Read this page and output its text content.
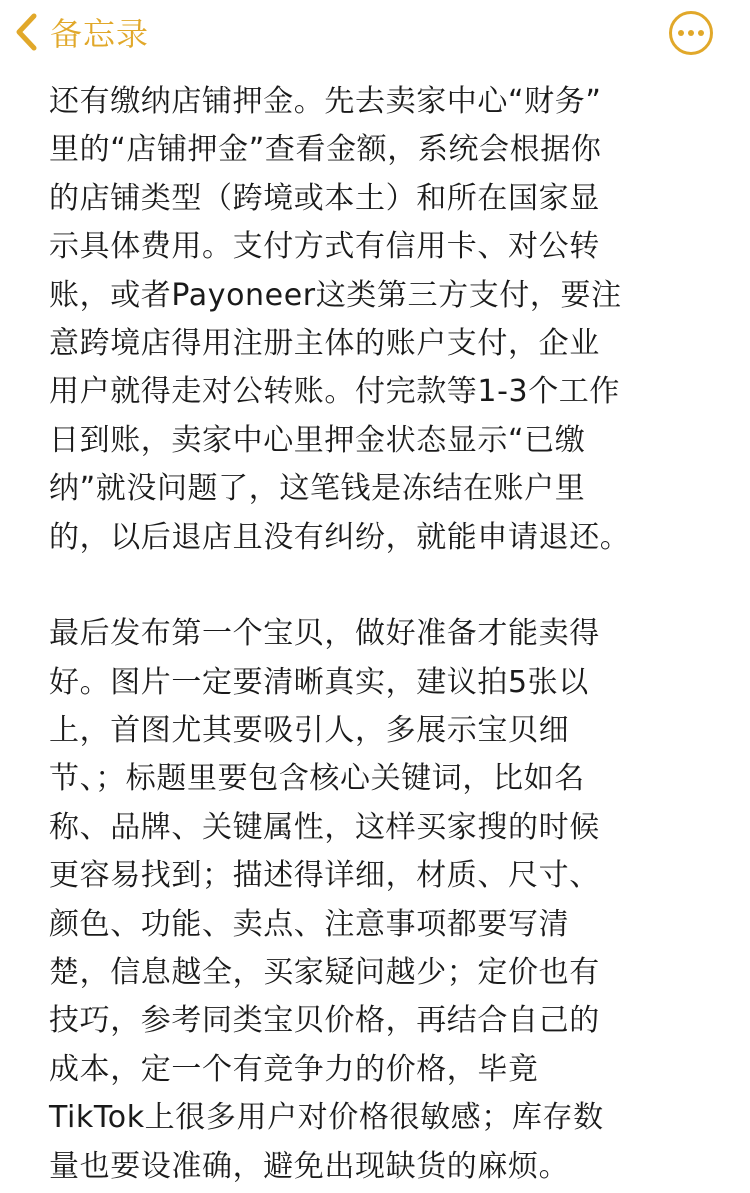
备忘录
还有缴纳店铺押金。先去卖家中心“财务”
里的“店铺押金”查看金额，系统会根据你
的店铺类型（跨境或本土）和所在国家显
示具体费用。支付方式有信用卡、对公转
账，或者Payoneer这类第三方支付，要注
意跨境店得用注册主体的账户支付，企业
用户就得走对公转账。付完款等1-3个工作
日到账，卖家中心里押金状态显示“已缴
纳”就没问题了，这笔钱是冻结在账户里
的，以后退店且没有纠纷，就能申请退还。
最后发布第一个宝贝，做好准备才能卖得
好。图片一定要清晰真实，建议拍5张以
上，首图尤其要吸引人，多展示宝贝细
节、；标题里要包含核心关键词，比如名
称、品牌、关键属性，这样买家搜的时候
更容易找到；描述得详细，材质、尺寸、
颜色、功能、卖点、注意事项都要写清
楚，信息越全，买家疑问越少；定价也有
技巧，参考同类宝贝价格，再结合自己的
成本，定一个有竞争力的价格，毕竟
TikTok上很多用户对价格很敏感；库存数
量也要设准确，避免出现缺货的麻烦。
